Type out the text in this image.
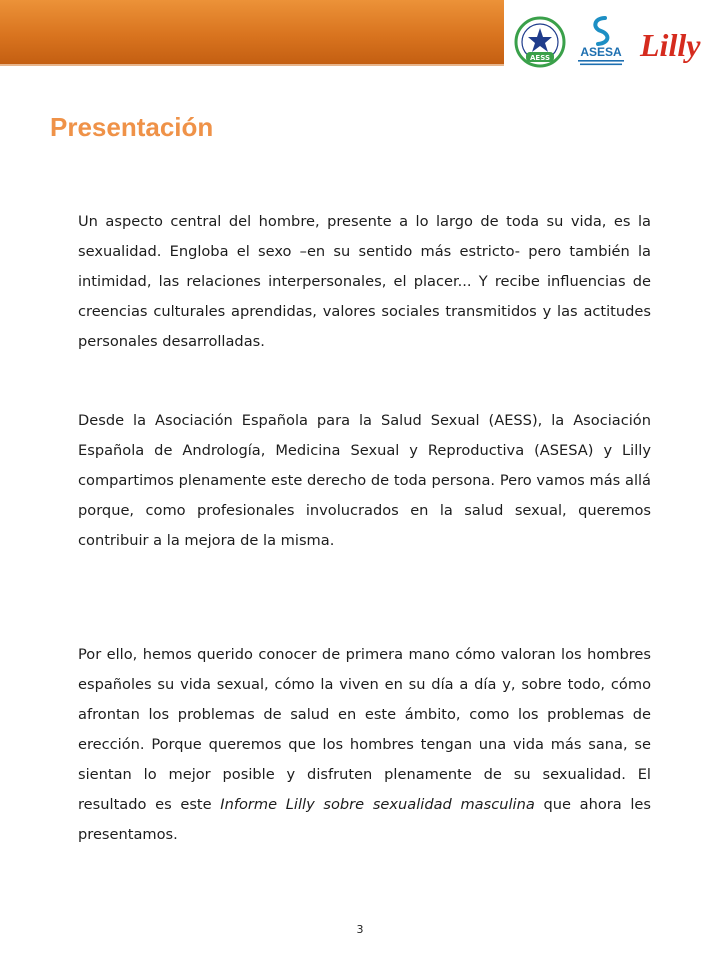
AESS	ASESA Lilly
Presentación

Un aspecto central del hombre, presente a lo largo de toda su vida, es la sexualidad. Engloba el sexo –en su sentido más estricto- pero también la intimidad, las relaciones interpersonales, el placer... Y recibe influencias de creencias culturales aprendidas, valores sociales transmitidos y las actitudes personales desarrolladas.

Desde la Asociación Española para la Salud Sexual (AESS), la Asociación Española de Andrología, Medicina Sexual y Reproductiva (ASESA) y Lilly compartimos plenamente este derecho de toda persona. Pero vamos más allá porque, como profesionales involucrados en la salud sexual, queremos contribuir a la mejora de la misma.

Por ello, hemos querido conocer de primera mano cómo valoran los hombres españoles su vida sexual, cómo la viven en su día a día y, sobre todo, cómo afrontan los problemas de salud en este ámbito, como los problemas de erección. Porque queremos que los hombres tengan una vida más sana, se sientan lo mejor posible y disfruten plenamente de su sexualidad. El resultado es este Informe Lilly sobre sexualidad masculina que ahora les presentamos.

3
